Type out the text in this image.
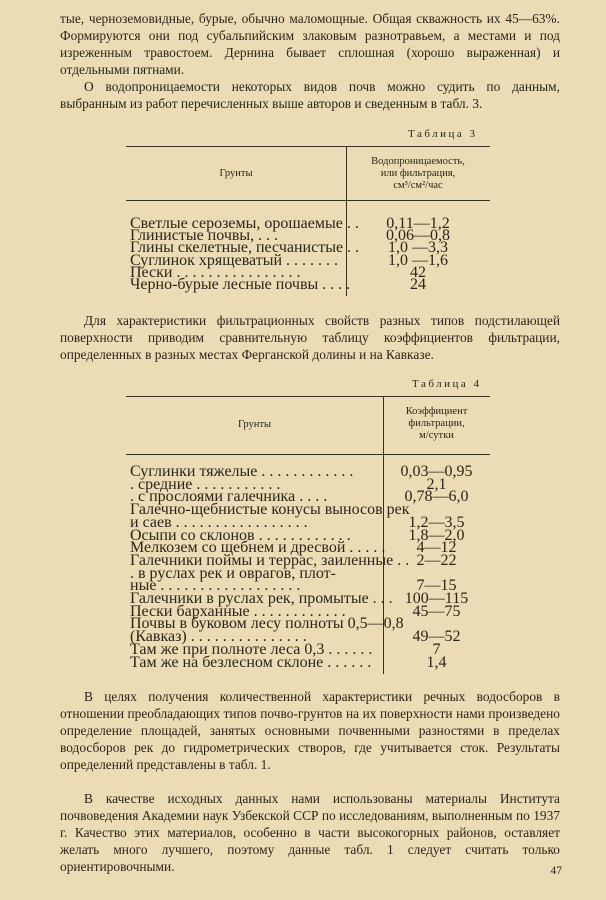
тые, черноземовидные, бурые, обычно маломощные. Общая скважность их 45—63%. Формируются они под субальпийским злаковым разнотравьем, а местами и под изреженным травостоем. Дернина бывает сплошная (хорошо выраженная) и отдельными пятнами.

О водопроницаемости некоторых видов почв можно судить по данным, выбранным из работ перечисленных выше авторов и сведенным в табл. 3.

Таблица 3

Грунты
Водопроницаемость,
или фильтрация,
см³/см²/час
Светлые сероземы, орошаемые . .	0,11—1,2
Глинистые почвы, . . .	0,06—0,8
Глины скелетные, песчанистые . .	1,0 —3,3
Суглинок хрящеватый . . . . . . .	1,0 —1,6
Пески . . . . . . . . . . . . . . . .	42
Черно-бурые лесные почвы . . . .	24

Для характеристики фильтрационных свойств разных типов подстилающей поверхности приводим сравнительную таблицу коэффициентов фильтрации, определенных в разных местах Ферганской долины и на Кавказе.

Таблица 4

Грунты
Коэффициент
фильтрации,
м/сутки
Суглинки тяжелые . . . . . . . . . . . .	0,03—0,95
. средние . . . . . . . . . . .	2,1
. с прослоями галечника . . . .	0,78—6,0
Галечно-щебнистые конусы выносов рек
и саев . . . . . . . . . . . . . . . . .	1,2—3,5
Осыпи со склонов . . . . . . . . . . . .	1,8—2,0
Мелкозем со щебнем и дресвой . . . . .	4—12
Галечники поймы и террас, заиленные . . 2—22
. в руслах рек и оврагов, плот-
ные . . . . . . . . . . . . . . . . . .	7—15
Галечники в руслах рек, промытые . . . 100—115
Пески барханные . . . . . . . . . . . .	45—75
Почвы в буковом лесу полноты 0,5—0,8
(Кавказ) . . . . . . . . . . . . . . .	49—52
Там же при полноте леса 0,3 . . . . . .	7
Там же на безлесном склоне . . . . . .	1,4

В целях получения количественной характеристики речных водосборов в отношении преобладающих типов почво-грунтов на их поверхности нами произведено определение площадей, занятых основными почвенными разностями в пределах водосборов рек до гидрометрических створов, где учитывается сток. Результаты определений представлены в табл. 1.

В качестве исходных данных нами использованы материалы Института почвоведения Академии наук Узбекской ССР по исследованиям, выполненным по 1937 г. Качество этих материалов, особенно в части высокогорных районов, оставляет желать много лучшего, поэтому данные табл. 1 следует считать только ориентировочными.	47
